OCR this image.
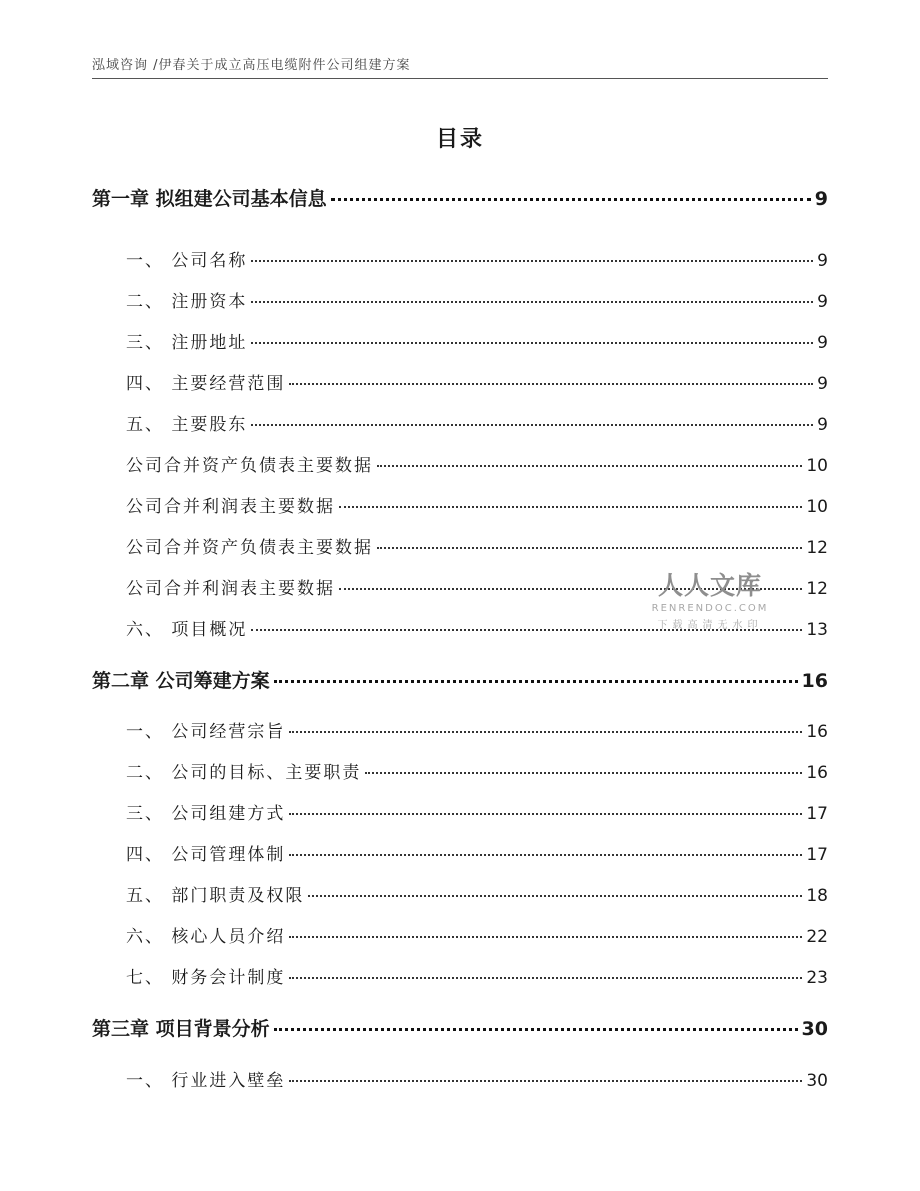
泓域咨询 /伊春关于成立高压电缆附件公司组建方案
目录
第一章 拟组建公司基本信息	9
一、 公司名称	9
二、 注册资本	9
三、 注册地址	9
四、 主要经营范围	9
五、 主要股东	9
公司合并资产负债表主要数据	10
公司合并利润表主要数据	10
公司合并资产负债表主要数据	12
公司合并利润表主要数据	12
六、 项目概况	13
第二章 公司筹建方案	16
一、 公司经营宗旨	16
二、 公司的目标、主要职责	16
三、 公司组建方式	17
四、 公司管理体制	17
五、 部门职责及权限	18
六、 核心人员介绍	22
七、 财务会计制度	23
第三章 项目背景分析	30
一、 行业进入壁垒	30
人人文库
RENRENDOC.COM
下载高清无水印
